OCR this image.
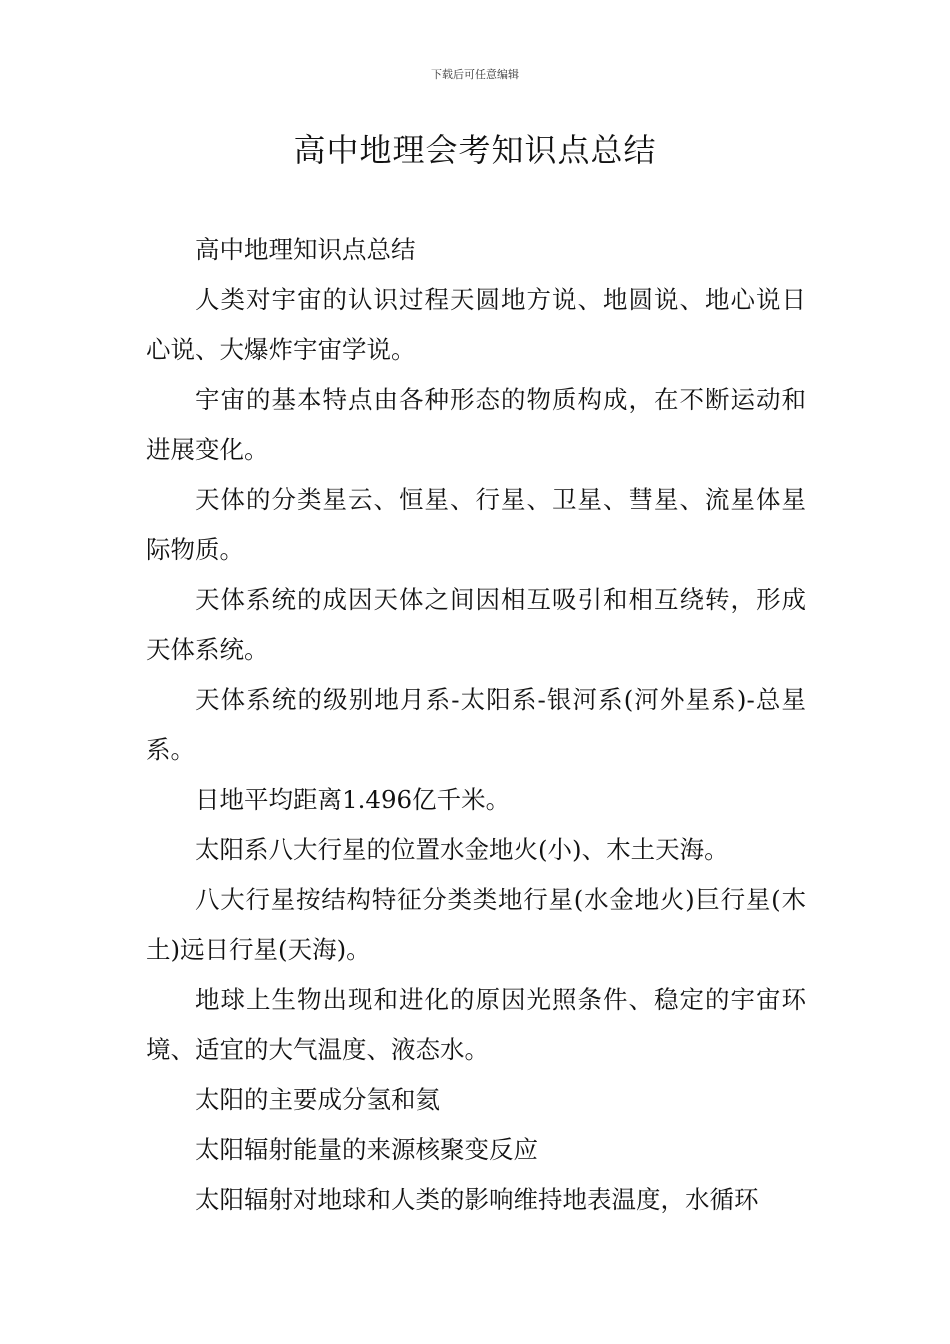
下载后可任意编辑
高中地理会考知识点总结

高中地理知识点总结

人类对宇宙的认识过程天圆地方说、地圆说、地心说日心说、大爆炸宇宙学说。

宇宙的基本特点由各种形态的物质构成，在不断运动和进展变化。

天体的分类星云、恒星、行星、卫星、彗星、流星体星际物质。

天体系统的成因天体之间因相互吸引和相互绕转，形成天体系统。

天体系统的级别地月系-太阳系-银河系(河外星系)-总星系。

日地平均距离1.496亿千米。

太阳系八大行星的位置水金地火(小)、木土天海。

八大行星按结构特征分类类地行星(水金地火)巨行星(木土)远日行星(天海)。

地球上生物出现和进化的原因光照条件、稳定的宇宙环境、适宜的大气温度、液态水。

太阳的主要成分氢和氦

太阳辐射能量的来源核聚变反应

太阳辐射对地球和人类的影响维持地表温度，水循环
